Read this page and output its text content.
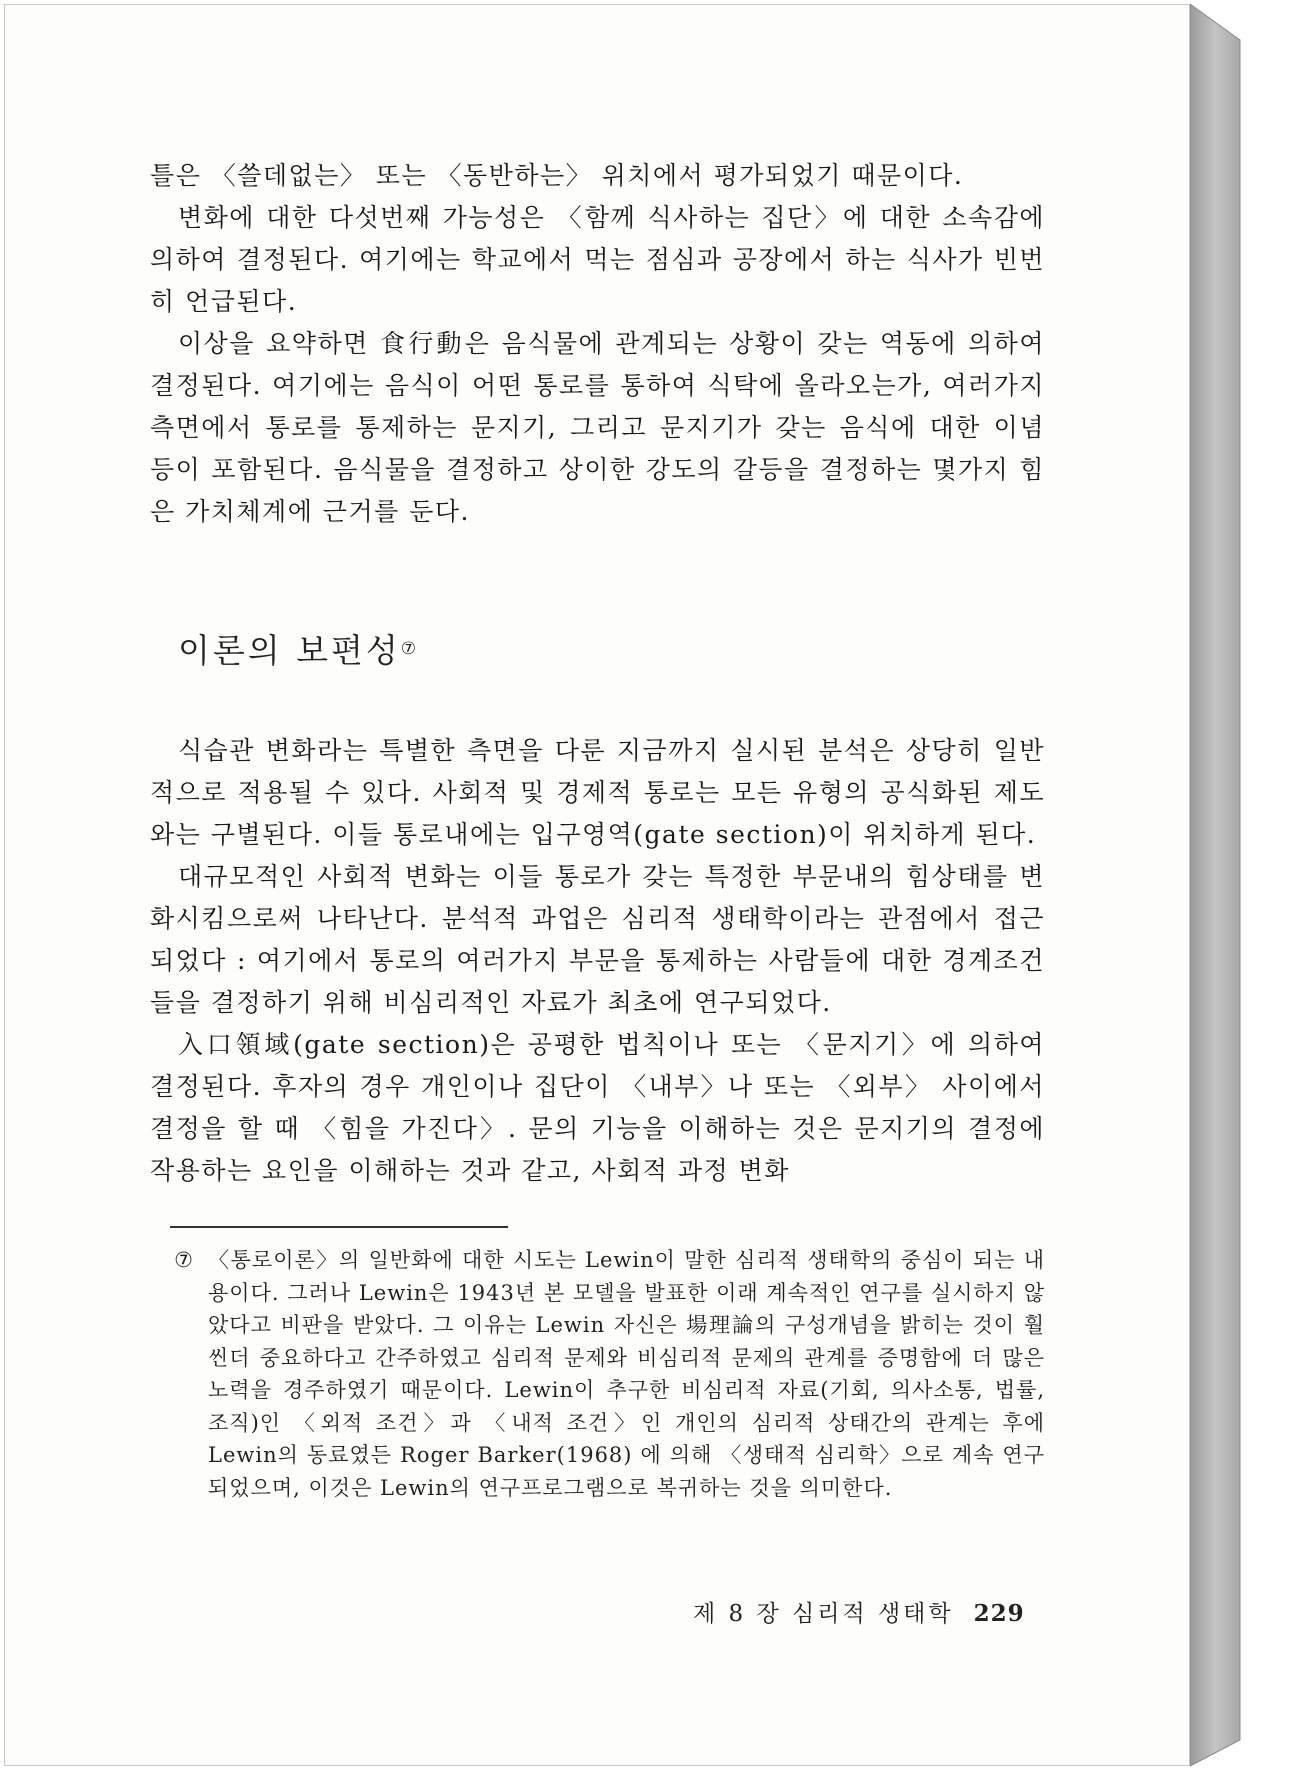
틀은 〈쓸데없는〉 또는 〈동반하는〉 위치에서 평가되었기 때문이다.

변화에 대한 다섯번째 가능성은 〈함께 식사하는 집단〉에 대한 소속감에 의하여 결정된다. 여기에는 학교에서 먹는 점심과 공장에서 하는 식사가 빈번히 언급된다.

이상을 요약하면 食行動은 음식물에 관계되는 상황이 갖는 역동에 의하여 결정된다. 여기에는 음식이 어떤 통로를 통하여 식탁에 올라오는가, 여러가지 측면에서 통로를 통제하는 문지기, 그리고 문지기가 갖는 음식에 대한 이념 등이 포함된다. 음식물을 결정하고 상이한 강도의 갈등을 결정하는 몇가지 힘은 가치체계에 근거를 둔다.

이론의 보편성⑦

식습관 변화라는 특별한 측면을 다룬 지금까지 실시된 분석은 상당히 일반적으로 적용될 수 있다. 사회적 및 경제적 통로는 모든 유형의 공식화된 제도와는 구별된다. 이들 통로내에는 입구영역(gate section)이 위치하게 된다.

대규모적인 사회적 변화는 이들 통로가 갖는 특정한 부문내의 힘상태를 변화시킴으로써 나타난다. 분석적 과업은 심리적 생태학이라는 관점에서 접근되었다 : 여기에서 통로의 여러가지 부문을 통제하는 사람들에 대한 경계조건들을 결정하기 위해 비심리적인 자료가 최초에 연구되었다.

入口領域(gate section)은 공평한 법칙이나 또는 〈문지기〉에 의하여 결정된다. 후자의 경우 개인이나 집단이 〈내부〉나 또는 〈외부〉 사이에서 결정을 할 때 〈힘을 가진다〉. 문의 기능을 이해하는 것은 문지기의 결정에 작용하는 요인을 이해하는 것과 같고, 사회적 과정 변화

⑦ 〈통로이론〉의 일반화에 대한 시도는 Lewin이 말한 심리적 생태학의 중심이 되는 내용이다. 그러나 Lewin은 1943년 본 모델을 발표한 이래 계속적인 연구를 실시하지 않았다고 비판을 받았다. 그 이유는 Lewin 자신은 場理論의 구성개념을 밝히는 것이 훨씬더 중요하다고 간주하였고 심리적 문제와 비심리적 문제의 관계를 증명함에 더 많은 노력을 경주하였기 때문이다. Lewin이 추구한 비심리적 자료(기회, 의사소통, 법률, 조직)인 〈외적 조건〉과 〈내적 조건〉인 개인의 심리적 상태간의 관계는 후에 Lewin의 동료였든 Roger Barker(1968) 에 의해 〈생태적 심리학〉으로 계속 연구되었으며, 이것은 Lewin의 연구프로그램으로 복귀하는 것을 의미한다.
제 8 장 심리적 생태학 229
